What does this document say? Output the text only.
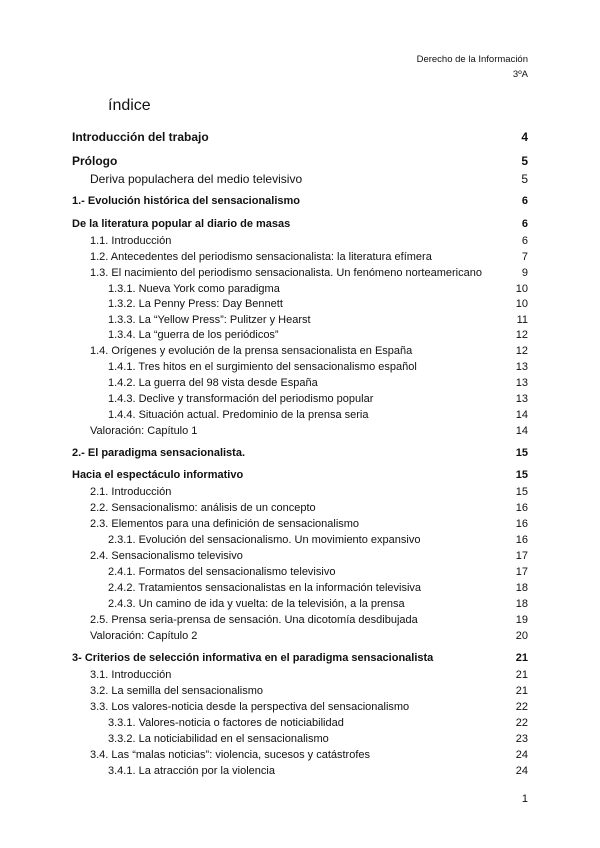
Derecho de la Información
3ºA
índice
Introducción del trabajo	4
Prólogo	5
Deriva populachera del medio televisivo	5
1.- Evolución histórica del sensacionalismo	6
De la literatura popular al diario de masas	6
1.1. Introducción	6
1.2. Antecedentes del periodismo sensacionalista: la literatura efímera	7
1.3. El nacimiento del periodismo sensacionalista. Un fenómeno norteamericano	9
1.3.1. Nueva York como paradigma	10
1.3.2. La Penny Press: Day Bennett	10
1.3.3. La “Yellow Press”: Pulitzer y Hearst	11
1.3.4. La “guerra de los periódicos”	12
1.4. Orígenes y evolución de la prensa sensacionalista en España	12
1.4.1. Tres hitos en el surgimiento del sensacionalismo español	13
1.4.2. La guerra del 98 vista desde España	13
1.4.3. Declive y transformación del periodismo popular	13
1.4.4. Situación actual. Predominio de la prensa seria	14
Valoración: Capítulo 1	14
2.- El paradigma sensacionalista.	15
Hacia el espectáculo informativo	15
2.1. Introducción	15
2.2. Sensacionalismo: análisis de un concepto	16
2.3. Elementos para una definición de sensacionalismo	16
2.3.1. Evolución del sensacionalismo. Un movimiento expansivo	16
2.4. Sensacionalismo televisivo	17
2.4.1. Formatos del sensacionalismo televisivo	17
2.4.2. Tratamientos sensacionalistas en la información televisiva	18
2.4.3. Un camino de ida y vuelta: de la televisión, a la prensa	18
2.5. Prensa seria-prensa de sensación. Una dicotomía desdibujada	19
Valoración: Capítulo 2	20
3- Criterios de selección informativa en el paradigma sensacionalista	21
3.1. Introducción	21
3.2. La semilla del sensacionalismo	21
3.3. Los valores-noticia desde la perspectiva del sensacionalismo	22
3.3.1. Valores-noticia o factores de noticiabilidad	22
3.3.2. La noticiabilidad en el sensacionalismo	23
3.4. Las “malas noticias”: violencia, sucesos y catástrofes	24
3.4.1. La atracción por la violencia	24
1
